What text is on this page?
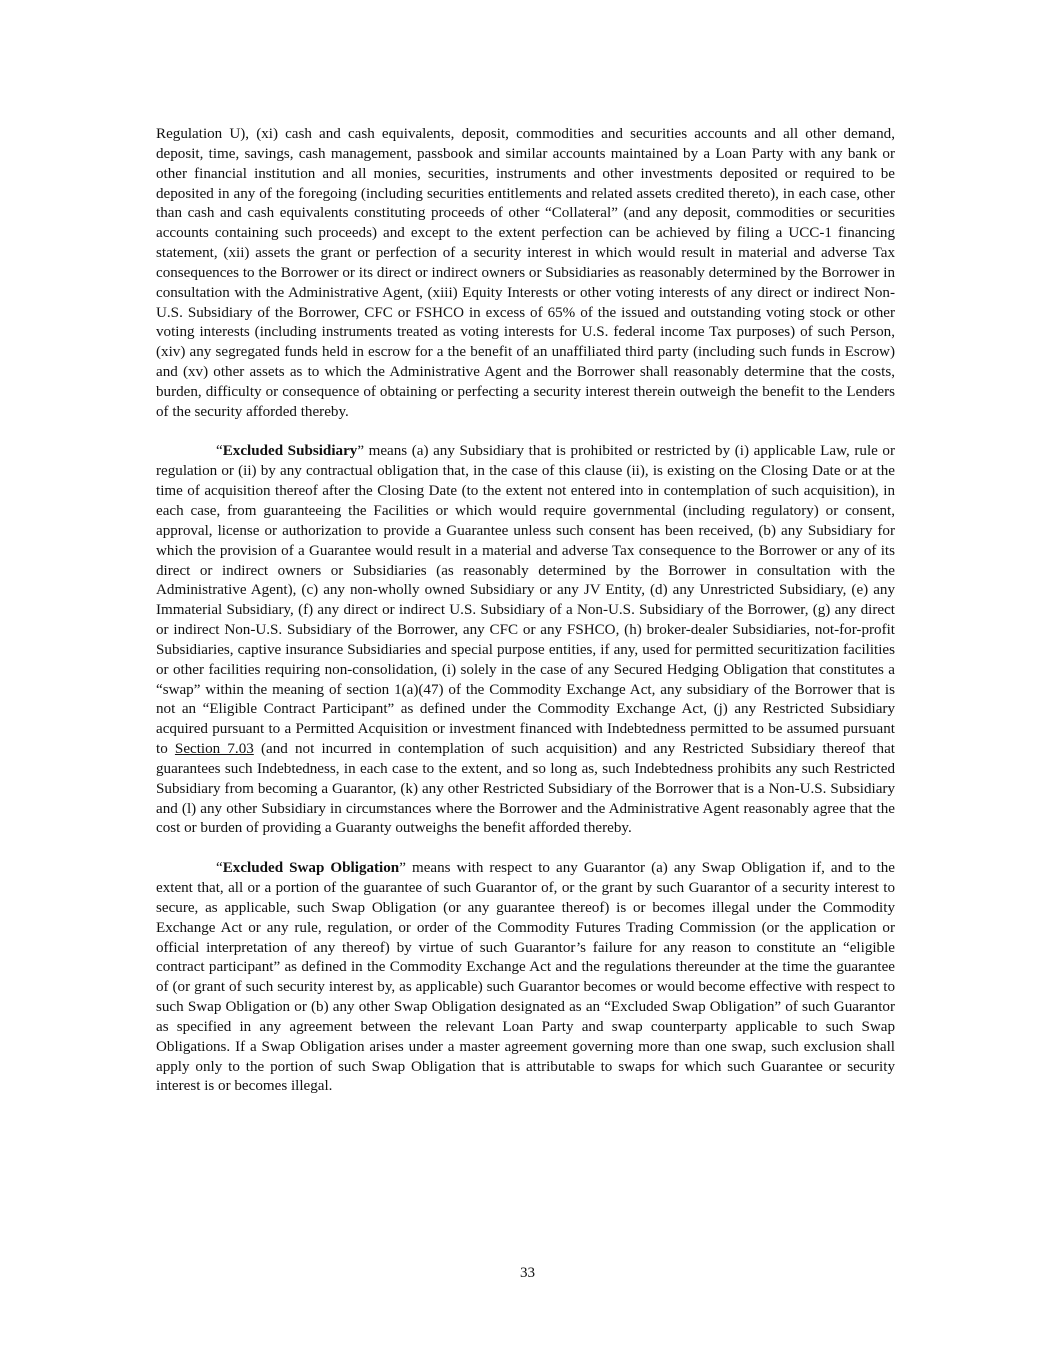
Regulation U), (xi) cash and cash equivalents, deposit, commodities and securities accounts and all other demand, deposit, time, savings, cash management, passbook and similar accounts maintained by a Loan Party with any bank or other financial institution and all monies, securities, instruments and other investments deposited or required to be deposited in any of the foregoing (including securities entitlements and related assets credited thereto), in each case, other than cash and cash equivalents constituting proceeds of other “Collateral” (and any deposit, commodities or securities accounts containing such proceeds) and except to the extent perfection can be achieved by filing a UCC-1 financing statement, (xii) assets the grant or perfection of a security interest in which would result in material and adverse Tax consequences to the Borrower or its direct or indirect owners or Subsidiaries as reasonably determined by the Borrower in consultation with the Administrative Agent, (xiii) Equity Interests or other voting interests of any direct or indirect Non-U.S. Subsidiary of the Borrower, CFC or FSHCO in excess of 65% of the issued and outstanding voting stock or other voting interests (including instruments treated as voting interests for U.S. federal income Tax purposes) of such Person, (xiv) any segregated funds held in escrow for a the benefit of an unaffiliated third party (including such funds in Escrow) and (xv) other assets as to which the Administrative Agent and the Borrower shall reasonably determine that the costs, burden, difficulty or consequence of obtaining or perfecting a security interest therein outweigh the benefit to the Lenders of the security afforded thereby.

“Excluded Subsidiary” means (a) any Subsidiary that is prohibited or restricted by (i) applicable Law, rule or regulation or (ii) by any contractual obligation that, in the case of this clause (ii), is existing on the Closing Date or at the time of acquisition thereof after the Closing Date (to the extent not entered into in contemplation of such acquisition), in each case, from guaranteeing the Facilities or which would require governmental (including regulatory) or consent, approval, license or authorization to provide a Guarantee unless such consent has been received, (b) any Subsidiary for which the provision of a Guarantee would result in a material and adverse Tax consequence to the Borrower or any of its direct or indirect owners or Subsidiaries (as reasonably determined by the Borrower in consultation with the Administrative Agent), (c) any non-wholly owned Subsidiary or any JV Entity, (d) any Unrestricted Subsidiary, (e) any Immaterial Subsidiary, (f) any direct or indirect U.S. Subsidiary of a Non-U.S. Subsidiary of the Borrower, (g) any direct or indirect Non-U.S. Subsidiary of the Borrower, any CFC or any FSHCO, (h) broker-dealer Subsidiaries, not-for-profit Subsidiaries, captive insurance Subsidiaries and special purpose entities, if any, used for permitted securitization facilities or other facilities requiring non-consolidation, (i) solely in the case of any Secured Hedging Obligation that constitutes a “swap” within the meaning of section 1(a)(47) of the Commodity Exchange Act, any subsidiary of the Borrower that is not an “Eligible Contract Participant” as defined under the Commodity Exchange Act, (j) any Restricted Subsidiary acquired pursuant to a Permitted Acquisition or investment financed with Indebtedness permitted to be assumed pursuant to Section 7.03 (and not incurred in contemplation of such acquisition) and any Restricted Subsidiary thereof that guarantees such Indebtedness, in each case to the extent, and so long as, such Indebtedness prohibits any such Restricted Subsidiary from becoming a Guarantor, (k) any other Restricted Subsidiary of the Borrower that is a Non-U.S. Subsidiary and (l) any other Subsidiary in circumstances where the Borrower and the Administrative Agent reasonably agree that the cost or burden of providing a Guaranty outweighs the benefit afforded thereby.

“Excluded Swap Obligation” means with respect to any Guarantor (a) any Swap Obligation if, and to the extent that, all or a portion of the guarantee of such Guarantor of, or the grant by such Guarantor of a security interest to secure, as applicable, such Swap Obligation (or any guarantee thereof) is or becomes illegal under the Commodity Exchange Act or any rule, regulation, or order of the Commodity Futures Trading Commission (or the application or official interpretation of any thereof) by virtue of such Guarantor’s failure for any reason to constitute an “eligible contract participant” as defined in the Commodity Exchange Act and the regulations thereunder at the time the guarantee of (or grant of such security interest by, as applicable) such Guarantor becomes or would become effective with respect to such Swap Obligation or (b) any other Swap Obligation designated as an “Excluded Swap Obligation” of such Guarantor as specified in any agreement between the relevant Loan Party and swap counterparty applicable to such Swap Obligations. If a Swap Obligation arises under a master agreement governing more than one swap, such exclusion shall apply only to the portion of such Swap Obligation that is attributable to swaps for which such Guarantee or security interest is or becomes illegal.

33
